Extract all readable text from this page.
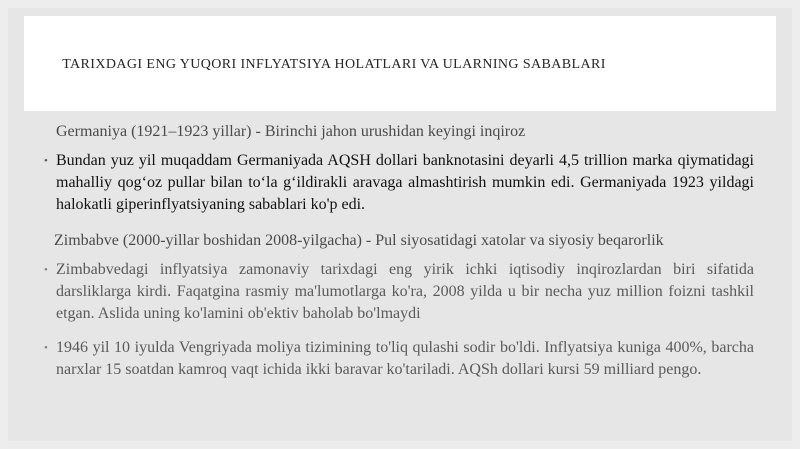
TARIXDAGI ENG YUQORI INFLYATSIYA HOLATLARI VA ULARNING SABABLARI
Germaniya (1921–1923 yillar) - Birinchi jahon urushidan keyingi inqiroz
• Bundan yuz yil muqaddam Germaniyada AQSH dollari banknotasini deyarli 4,5 trillion marka qiymatidagi mahalliy qog‘oz pullar bilan to‘la g‘ildirakli aravaga almashtirish mumkin edi. Germaniyada 1923 yildagi halokatli giperinflyatsiyaning sabablari ko'p edi.
Zimbabve (2000-yillar boshidan 2008-yilgacha) - Pul siyosatidagi xatolar va siyosiy beqarorlik
• Zimbabvedagi inflyatsiya zamonaviy tarixdagi eng yirik ichki iqtisodiy inqirozlardan biri sifatida darsliklarga kirdi. Faqatgina rasmiy ma'lumotlarga ko'ra, 2008 yilda u bir necha yuz million foizni tashkil etgan. Aslida uning ko'lamini ob'ektiv baholab bo'lmaydi
• 1946 yil 10 iyulda Vengriyada moliya tizimining to'liq qulashi sodir bo'ldi. Inflyatsiya kuniga 400%, barcha narxlar 15 soatdan kamroq vaqt ichida ikki baravar ko'tariladi. AQSh dollari kursi 59 milliard pengo.
